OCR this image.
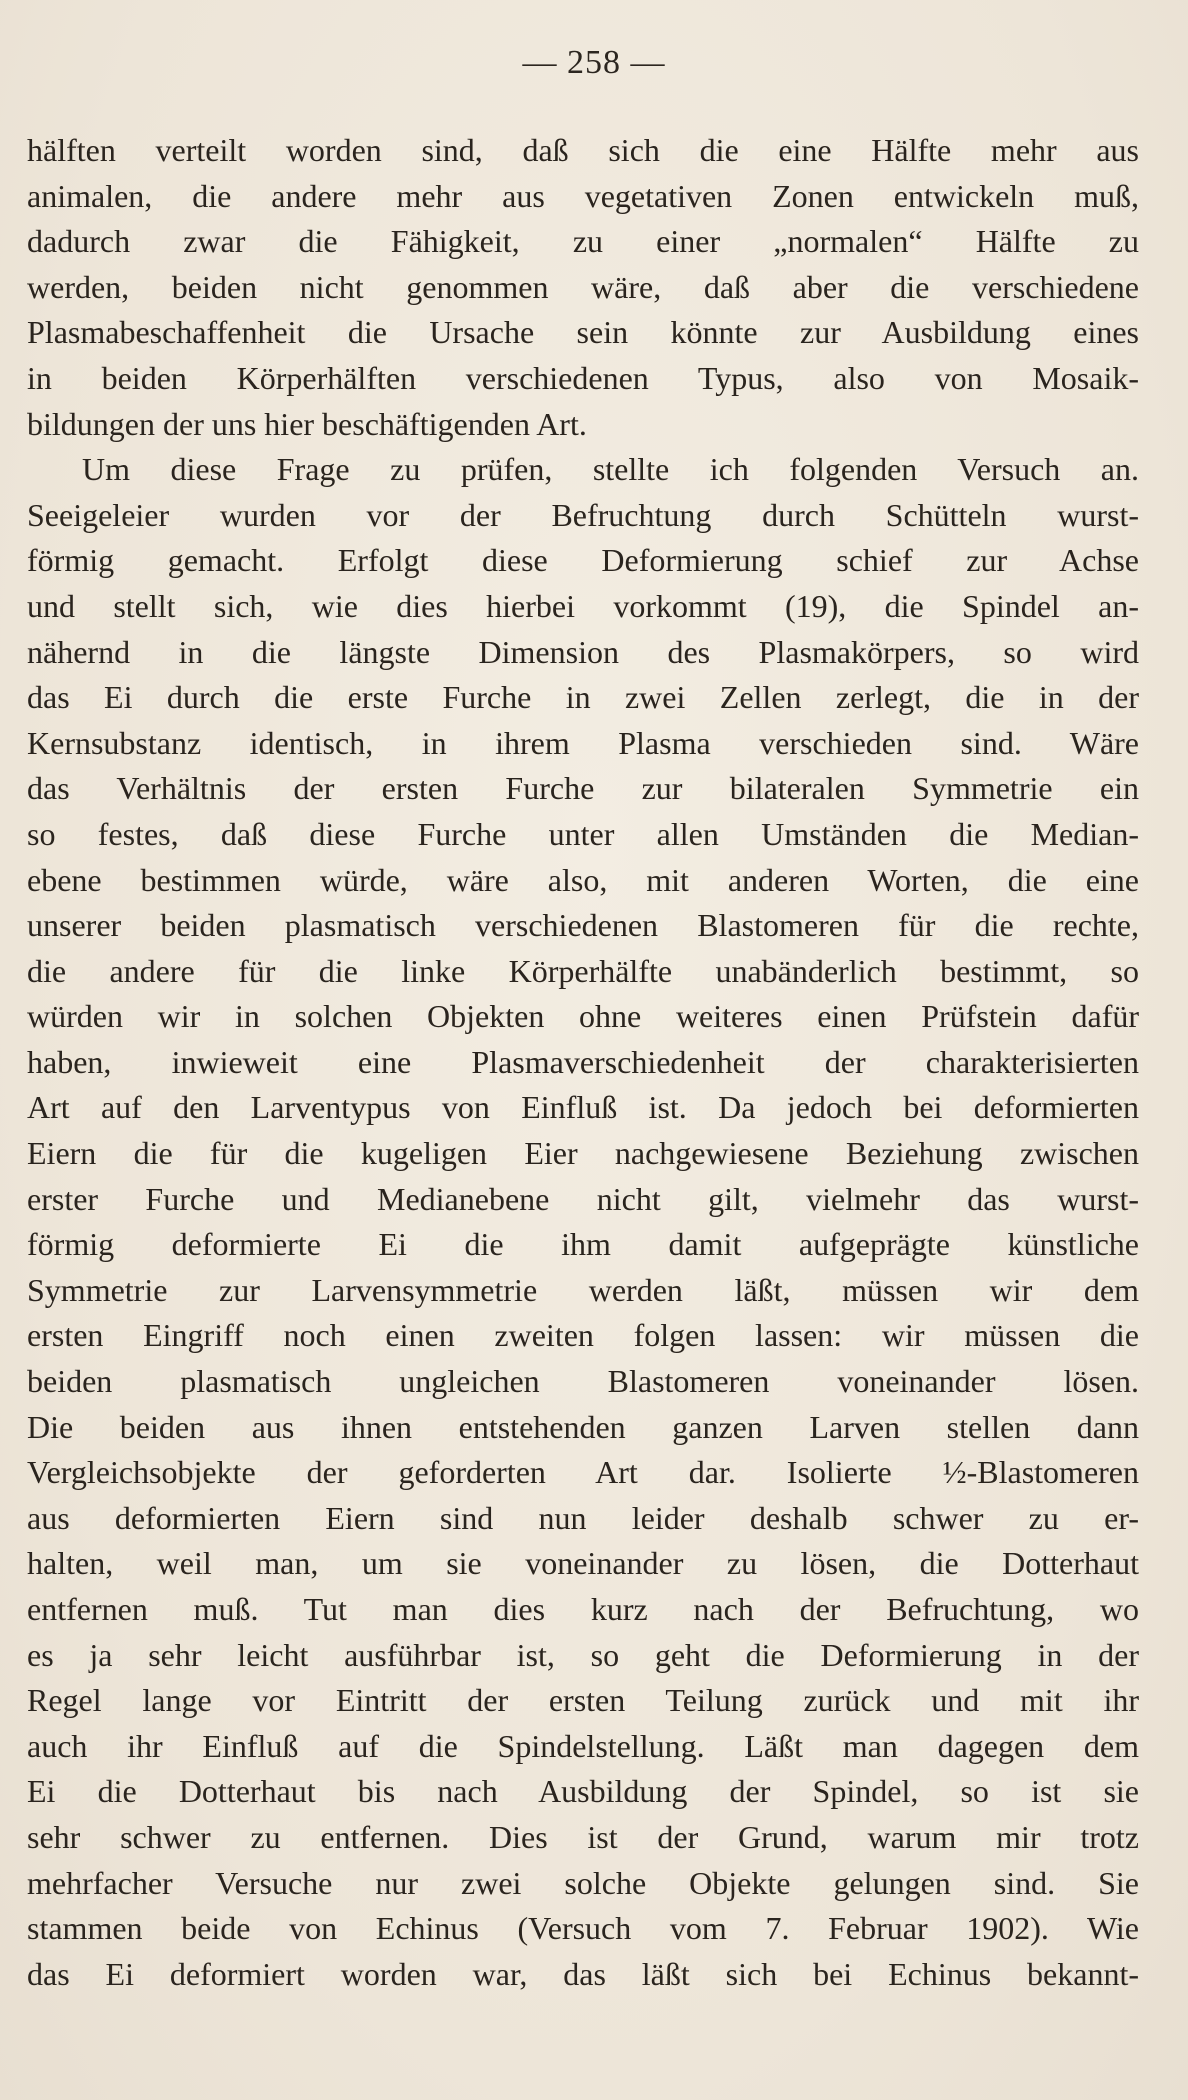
— 258 —
hälften verteilt worden sind, daß sich die eine Hälfte mehr aus
animalen, die andere mehr aus vegetativen Zonen entwickeln muß,
dadurch zwar die Fähigkeit, zu einer „normalen“ Hälfte zu
werden, beiden nicht genommen wäre, daß aber die verschiedene
Plasmabeschaffenheit die Ursache sein könnte zur Ausbildung eines
in beiden Körperhälften verschiedenen Typus, also von Mosaik-
bildungen der uns hier beschäftigenden Art.
Um diese Frage zu prüfen, stellte ich folgenden Versuch an.
Seeigeleier wurden vor der Befruchtung durch Schütteln wurst-
förmig gemacht. Erfolgt diese Deformierung schief zur Achse
und stellt sich, wie dies hierbei vorkommt (19), die Spindel an-
nähernd in die längste Dimension des Plasmakörpers, so wird
das Ei durch die erste Furche in zwei Zellen zerlegt, die in der
Kernsubstanz identisch, in ihrem Plasma verschieden sind. Wäre
das Verhältnis der ersten Furche zur bilateralen Symmetrie ein
so festes, daß diese Furche unter allen Umständen die Median-
ebene bestimmen würde, wäre also, mit anderen Worten, die eine
unserer beiden plasmatisch verschiedenen Blastomeren für die rechte,
die andere für die linke Körperhälfte unabänderlich bestimmt, so
würden wir in solchen Objekten ohne weiteres einen Prüfstein dafür
haben, inwieweit eine Plasmaverschiedenheit der charakterisierten
Art auf den Larventypus von Einfluß ist. Da jedoch bei deformierten
Eiern die für die kugeligen Eier nachgewiesene Beziehung zwischen
erster Furche und Medianebene nicht gilt, vielmehr das wurst-
förmig deformierte Ei die ihm damit aufgeprägte künstliche
Symmetrie zur Larvensymmetrie werden läßt, müssen wir dem
ersten Eingriff noch einen zweiten folgen lassen: wir müssen die
beiden plasmatisch ungleichen Blastomeren voneinander lösen.
Die beiden aus ihnen entstehenden ganzen Larven stellen dann
Vergleichsobjekte der geforderten Art dar. Isolierte ½-Blastomeren
aus deformierten Eiern sind nun leider deshalb schwer zu er-
halten, weil man, um sie voneinander zu lösen, die Dotterhaut
entfernen muß. Tut man dies kurz nach der Befruchtung, wo
es ja sehr leicht ausführbar ist, so geht die Deformierung in der
Regel lange vor Eintritt der ersten Teilung zurück und mit ihr
auch ihr Einfluß auf die Spindelstellung. Läßt man dagegen dem
Ei die Dotterhaut bis nach Ausbildung der Spindel, so ist sie
sehr schwer zu entfernen. Dies ist der Grund, warum mir trotz
mehrfacher Versuche nur zwei solche Objekte gelungen sind. Sie
stammen beide von Echinus (Versuch vom 7. Februar 1902). Wie
das Ei deformiert worden war, das läßt sich bei Echinus bekannt-
